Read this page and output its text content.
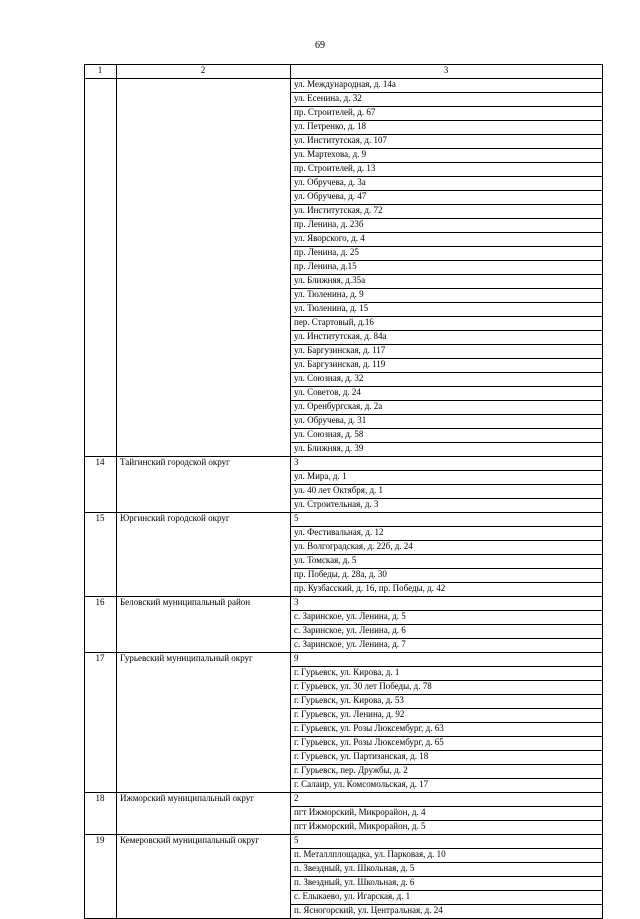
69
1	2	3
		ул. Международная, д. 14а
		ул. Есенина, д. 32
		пр. Строителей, д. 67
		ул. Петренко, д. 18
		ул. Институтская, д. 107
		ул. Мартехова, д. 9
		пр. Строителей, д. 13
		ул. Обручева, д. 3а
		ул. Обручева, д. 47
		ул. Институтская, д. 72
		пр. Ленина, д. 23б
		ул. Яворского, д. 4
		пр. Ленина, д. 25
		пр. Ленина, д.15
		ул. Ближняя, д.35а
		ул. Тюленина, д. 9
		ул. Тюленина, д. 15
		пер. Стартовый, д.16
		ул. Институтская, д. 84а
		ул. Баргузинская, д. 117
		ул. Баргузинская, д. 119
		ул. Союзная, д. 32
		ул. Советов, д. 24
		ул. Оренбургская, д. 2а
		ул. Обручева, д. 31
		ул. Союзная, д. 58
		ул. Ближняя, д. 39
14	Тайгинский городской округ	3
		ул. Мира, д. 1
		ул. 40 лет Октября, д. 1
		ул. Строительная, д. 3
15	Юргинский городской округ	5
		ул. Фестивальная, д. 12
		ул. Волгоградская, д. 22б, д. 24
		ул. Томская, д. 5
		пр. Победы, д. 28а, д. 30
		пр. Кузбасский, д. 16, пр. Победы, д. 42
16	Беловский муниципальный район	3
		с. Заринское, ул. Ленина, д. 5
		с. Заринское, ул. Ленина, д. 6
		с. Заринское, ул. Ленина, д. 7
17	Гурьевский муниципальный округ	9
		г. Гурьевск, ул. Кирова, д. 1
		г. Гурьевск, ул. 30 лет Победы, д. 78
		г. Гурьевск, ул. Кирова, д. 53
		г. Гурьевск, ул. Ленина, д. 92
		г. Гурьевск, ул. Розы Люксембург, д. 63
		г. Гурьевск, ул. Розы Люксембург, д. 65
		г. Гурьевск, ул. Партизанская, д. 18
		г. Гурьевск, пер. Дружбы, д. 2
		г. Салаир, ул. Комсомольская, д. 17
18	Ижморский муниципальный округ	2
		пгт Ижморский, Микрорайон, д. 4
		пгт Ижморский, Микрорайон, д. 5
19	Кемеровский муниципальный округ	5
		п. Металлплощадка, ул. Парковая, д. 10
		п. Звездный, ул. Школьная, д. 5
		п. Звездный, ул. Школьная, д. 6
		с. Елыкаево, ул. Игарская, д. 1
		п. Ясногорский, ул. Центральная, д. 24
